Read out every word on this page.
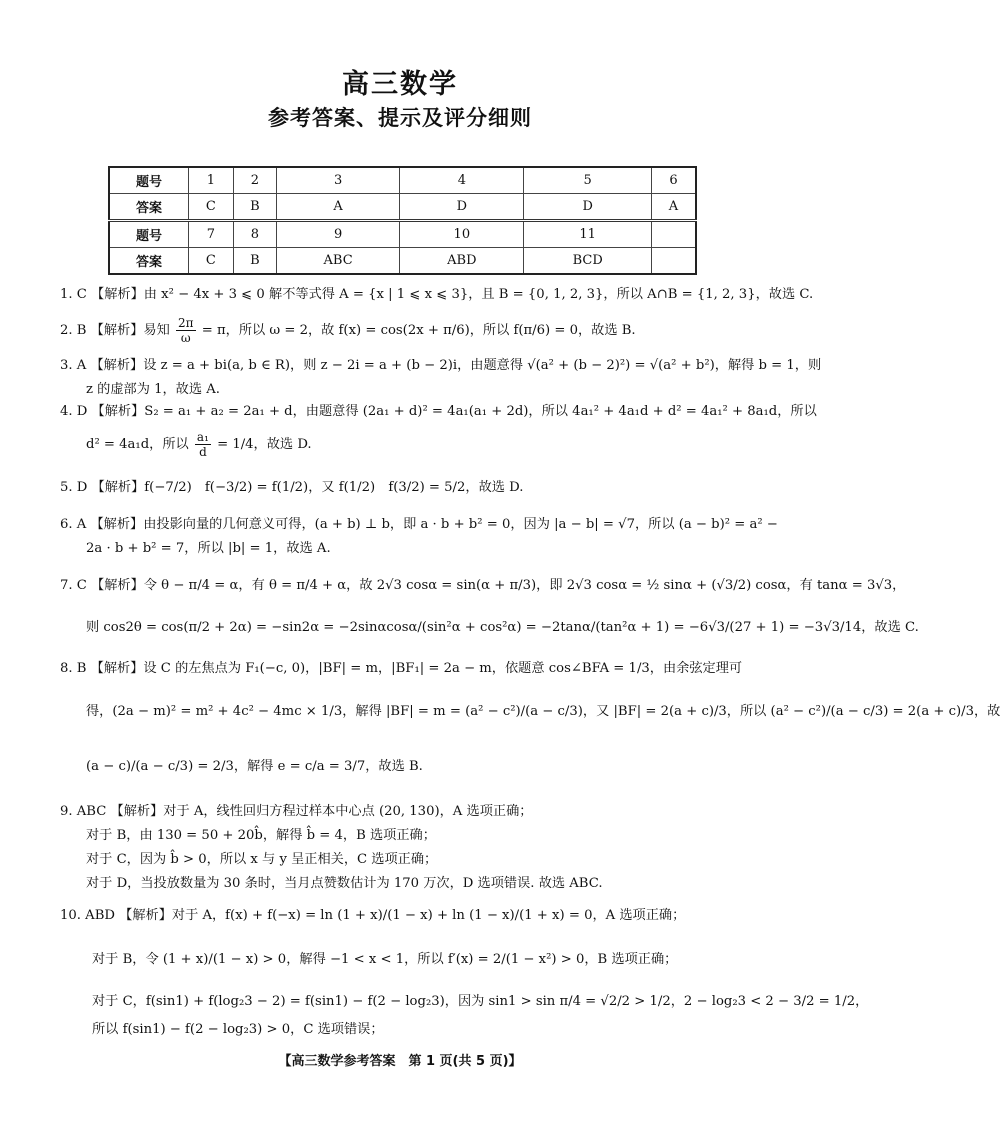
高三数学
参考答案、提示及评分细则
题号	1	2	3	4	5	6
答案	C	B	A	D	D	A
题号	7	8	9	10	11	
答案	C	B	ABC	ABD	BCD	
1. C 【解析】由 x² − 4x + 3 ⩽ 0 解不等式得 A = {x | 1 ⩽ x ⩽ 3}，且 B = {0, 1, 2, 3}，所以 A∩B = {1, 2, 3}，故选 C.
2. B 【解析】易知 $\frac{2\pi}{\omega} = \pi$，所以 ω = 2，故 f(x) = cos(2x + π/6)，所以 f(π/6) = 0，故选 B.
3. A 【解析】设 z = a + bi(a, b ∈ R)，则 z − 2i = a + (b − 2)i，由题意得 √(a² + (b − 2)²) = √(a² + b²)，解得 b = 1，则
z 的虚部为 1，故选 A.
4. D 【解析】S₂ = a₁ + a₂ = 2a₁ + d，由题意得 (2a₁ + d)² = 4a₁(a₁ + 2d)，所以 4a₁² + 4a₁d + d² = 4a₁² + 8a₁d，所以
d² = 4a₁d，所以 $\frac{\text{a₁}}{d} = 1/4$，故选 D.
5. D 【解析】f(−7/2)　f(−3/2) = f(1/2)，又 f(1/2)　f(3/2) = 5/2，故选 D.
6. A 【解析】由投影向量的几何意义可得，(a + b) ⊥ b，即 a · b + b² = 0，因为 |a − b| = √7，所以 (a − b)² = a² −
2a · b + b² = 7，所以 |b| = 1，故选 A.
7. C 【解析】令 θ − π/4 = α，有 θ = π/4 + α，故 2√3 cosα = sin(α + π/3)，即 2√3 cosα = ½ sinα + (√3/2) cosα，有 tanα = 3√3，
则 cos2θ = cos(π/2 + 2α) = −sin2α = −2sinαcosα/(sin²α + cos²α) = −2tanα/(tan²α + 1) = −6√3/(27 + 1) = −3√3/14，故选 C.
8. B 【解析】设 C 的左焦点为 F₁(−c, 0)，|BF| = m，|BF₁| = 2a − m，依题意 cos∠BFA = 1/3，由余弦定理可
得，(2a − m)² = m² + 4c² − 4mc × 1/3，解得 |BF| = m = (a² − c²)/(a − c/3)，又 |BF| = 2(a + c)/3，所以 (a² − c²)/(a − c/3) = 2(a + c)/3，故
(a − c)/(a − c/3) = 2/3，解得 e = c/a = 3/7，故选 B.
9. ABC 【解析】对于 A，线性回归方程过样本中心点 (20, 130)，A 选项正确；
对于 B，由 130 = 50 + 20b̂，解得 b̂ = 4，B 选项正确；
对于 C，因为 b̂ > 0，所以 x 与 y 呈正相关，C 选项正确；
对于 D，当投放数量为 30 条时，当月点赞数估计为 170 万次，D 选项错误. 故选 ABC.
10. ABD 【解析】对于 A，f(x) + f(−x) = ln (1 + x)/(1 − x) + ln (1 − x)/(1 + x) = 0，A 选项正确；
对于 B，令 (1 + x)/(1 − x) > 0，解得 −1 < x < 1，所以 f′(x) = 2/(1 − x²) > 0，B 选项正确；
对于 C，f(sin1) + f(log₂3 − 2) = f(sin1) − f(2 − log₂3)，因为 sin1 > sin π/4 = √2/2 > 1/2，2 − log₂3 < 2 − 3/2 = 1/2，
所以 f(sin1) − f(2 − log₂3) > 0，C 选项错误；
【高三数学参考答案　第 1 页(共 5 页)】
